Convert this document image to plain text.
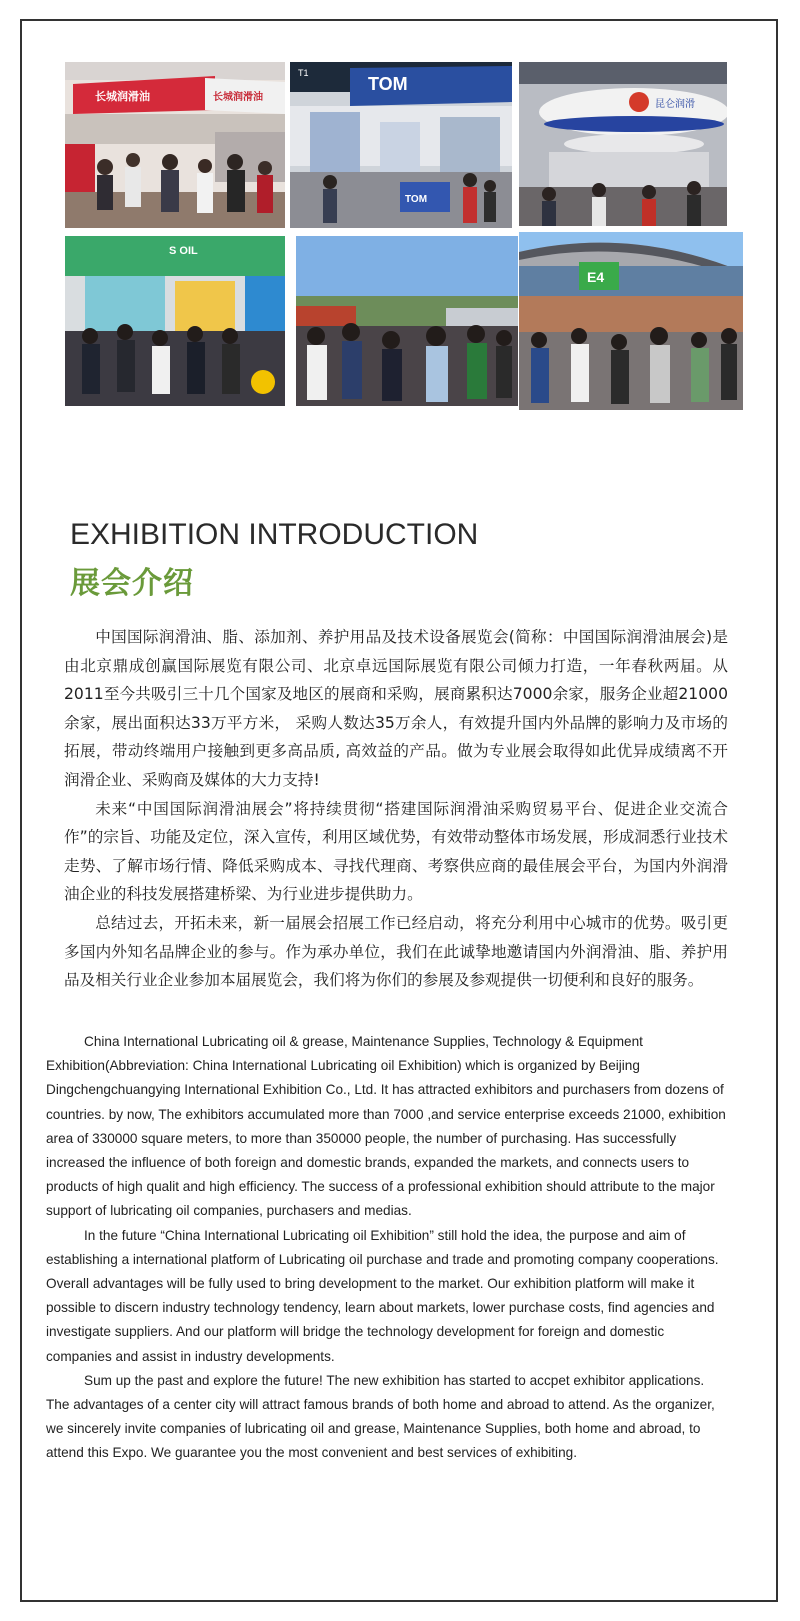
长城润滑油	长城润滑油
TOM
T1
TOM
昆仑润滑
S OIL
E4
EXHIBITION INTRODUCTION
展会介绍

中国国际润滑油、脂、添加剂、养护用品及技术设备展览会(简称：中国国际润滑油展会)是由北京鼎成创赢国际展览有限公司、北京卓远国际展览有限公司倾力打造，一年春秋两届。从2011至今共吸引三十几个国家及地区的展商和采购，展商累积达7000余家，服务企业超21000 余家，展出面积达33万平方米， 采购人数达35万余人，有效提升国内外品牌的影响力及市场的拓展，带动终端用户接触到更多高品质, 高效益的产品。做为专业展会取得如此优异成绩离不开润滑企业、采购商及媒体的大力支持!

未来“中国国际润滑油展会”将持续贯彻“搭建国际润滑油采购贸易平台、促进企业交流合作”的宗旨、功能及定位，深入宣传，利用区域优势，有效带动整体市场发展，形成洞悉行业技术走势、了解市场行情、降低采购成本、寻找代理商、考察供应商的最佳展会平台，为国内外润滑油企业的科技发展搭建桥梁、为行业进步提供助力。

总结过去，开拓未来，新一届展会招展工作已经启动，将充分利用中心城市的优势。吸引更多国内外知名品牌企业的参与。作为承办单位，我们在此诚挚地邀请国内外润滑油、脂、养护用品及相关行业企业参加本届展览会，我们将为你们的参展及参观提供一切便利和良好的服务。

China International Lubricating oil & grease, Maintenance Supplies, Technology & Equipment Exhibition(Abbreviation: China International Lubricating oil Exhibition) which is organized by Beijing Dingchengchuangying International Exhibition Co., Ltd. It has attracted exhibitors and purchasers from dozens of countries. by now, The exhibitors accumulated more than 7000 ,and service enterprise exceeds 21000, exhibition area of 330000 square meters, to more than 350000 people, the number of purchasing. Has successfully increased the influence of both foreign and domestic brands, expanded the markets, and connects users to products of high qualit and high efficiency. The success of a professional exhibition should attribute to the major support of lubricating oil companies, purchasers and medias.

In the future “China International Lubricating oil Exhibition” still hold the idea, the purpose and aim of establishing a international platform of Lubricating oil purchase and trade and promoting company cooperations. Overall advantages will be fully used to bring development to the market. Our exhibition platform will make it possible to discern industry technology tendency, learn about markets, lower purchase costs, find agencies and investigate suppliers. And our platform will bridge the technology development for foreign and domestic companies and assist in industry developments.

Sum up the past and explore the future! The new exhibition has started to accpet exhibitor applications. The advantages of a center city will attract famous brands of both home and abroad to attend. As the organizer, we sincerely invite companies of lubricating oil and grease, Maintenance Supplies, both home and abroad, to attend this Expo. We guarantee you the most convenient and best services of exhibiting.
